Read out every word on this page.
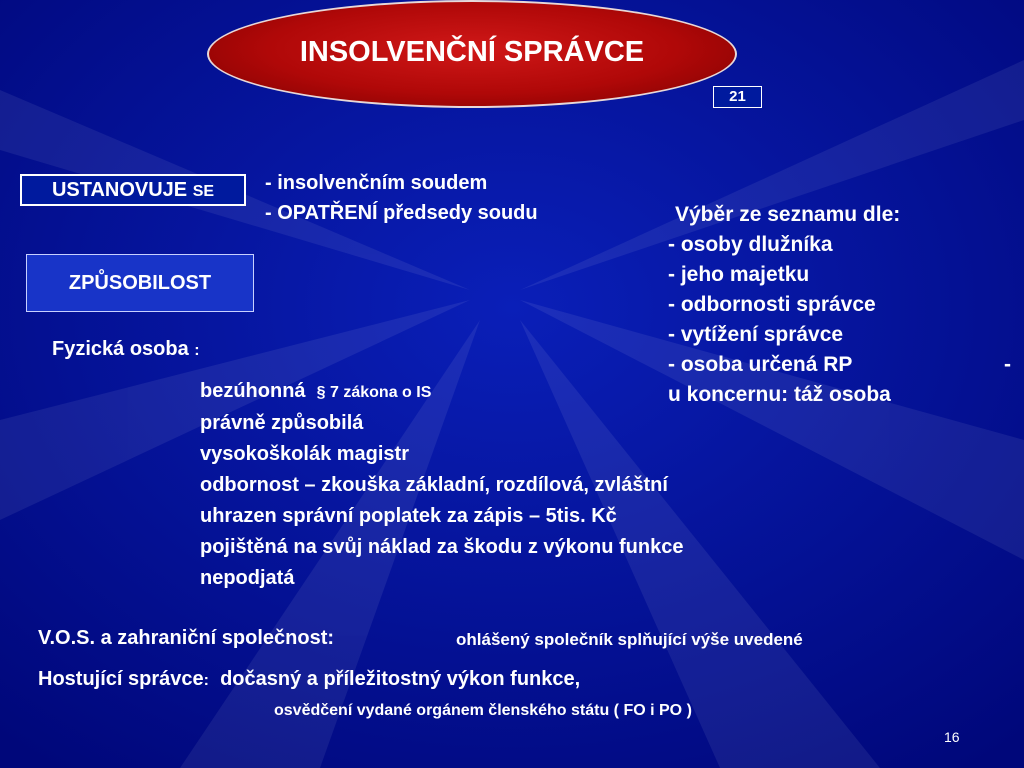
INSOLVENČNÍ SPRÁVCE
21
USTANOVUJE SE	- insolvenčním soudem
- OPATŘENÍ předsedy soudu
ZPŮSOBILOST
Výběr ze seznamu dle:
- osoby dlužníka
- jeho majetku
- odbornosti správce
- vytížení správce
- osoba určená RP
u koncernu: táž osoba
-
Fyzická osoba :
bezúhonná § 7 zákona o IS
právně způsobilá
vysokoškolák magistr
odbornost – zkouška základní, rozdílová, zvláštní
uhrazen správní poplatek za zápis – 5tis. Kč
pojištěná na svůj náklad za škodu z výkonu funkce
nepodjatá
V.O.S. a zahraniční společnost:	ohlášený společník splňující výše uvedené
Hostující správce: dočasný a příležitostný výkon funkce,
osvědčení vydané orgánem členského státu ( FO i PO )
16
